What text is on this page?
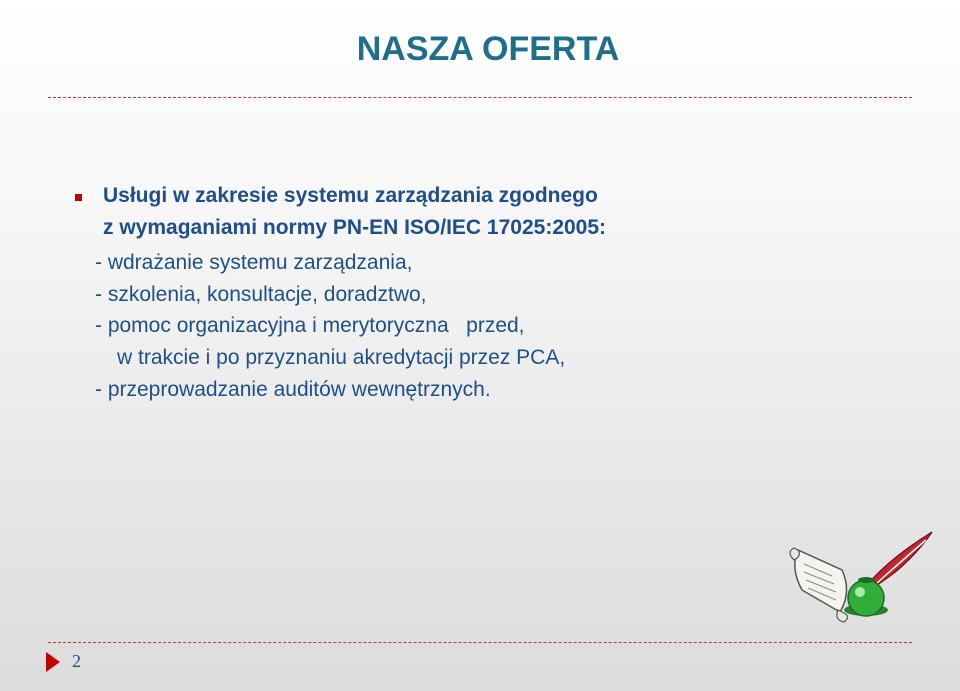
NASZA OFERTA
Usługi w zakresie systemu zarządzania zgodnego
z wymaganiami normy PN-EN ISO/IEC 17025:2005:
- wdrażanie systemu zarządzania,
- szkolenia, konsultacje, doradztwo,
- pomoc organizacyjna i merytoryczna   przed,
w trakcie i po przyznaniu akredytacji przez PCA,
- przeprowadzanie auditów wewnętrznych.
2
